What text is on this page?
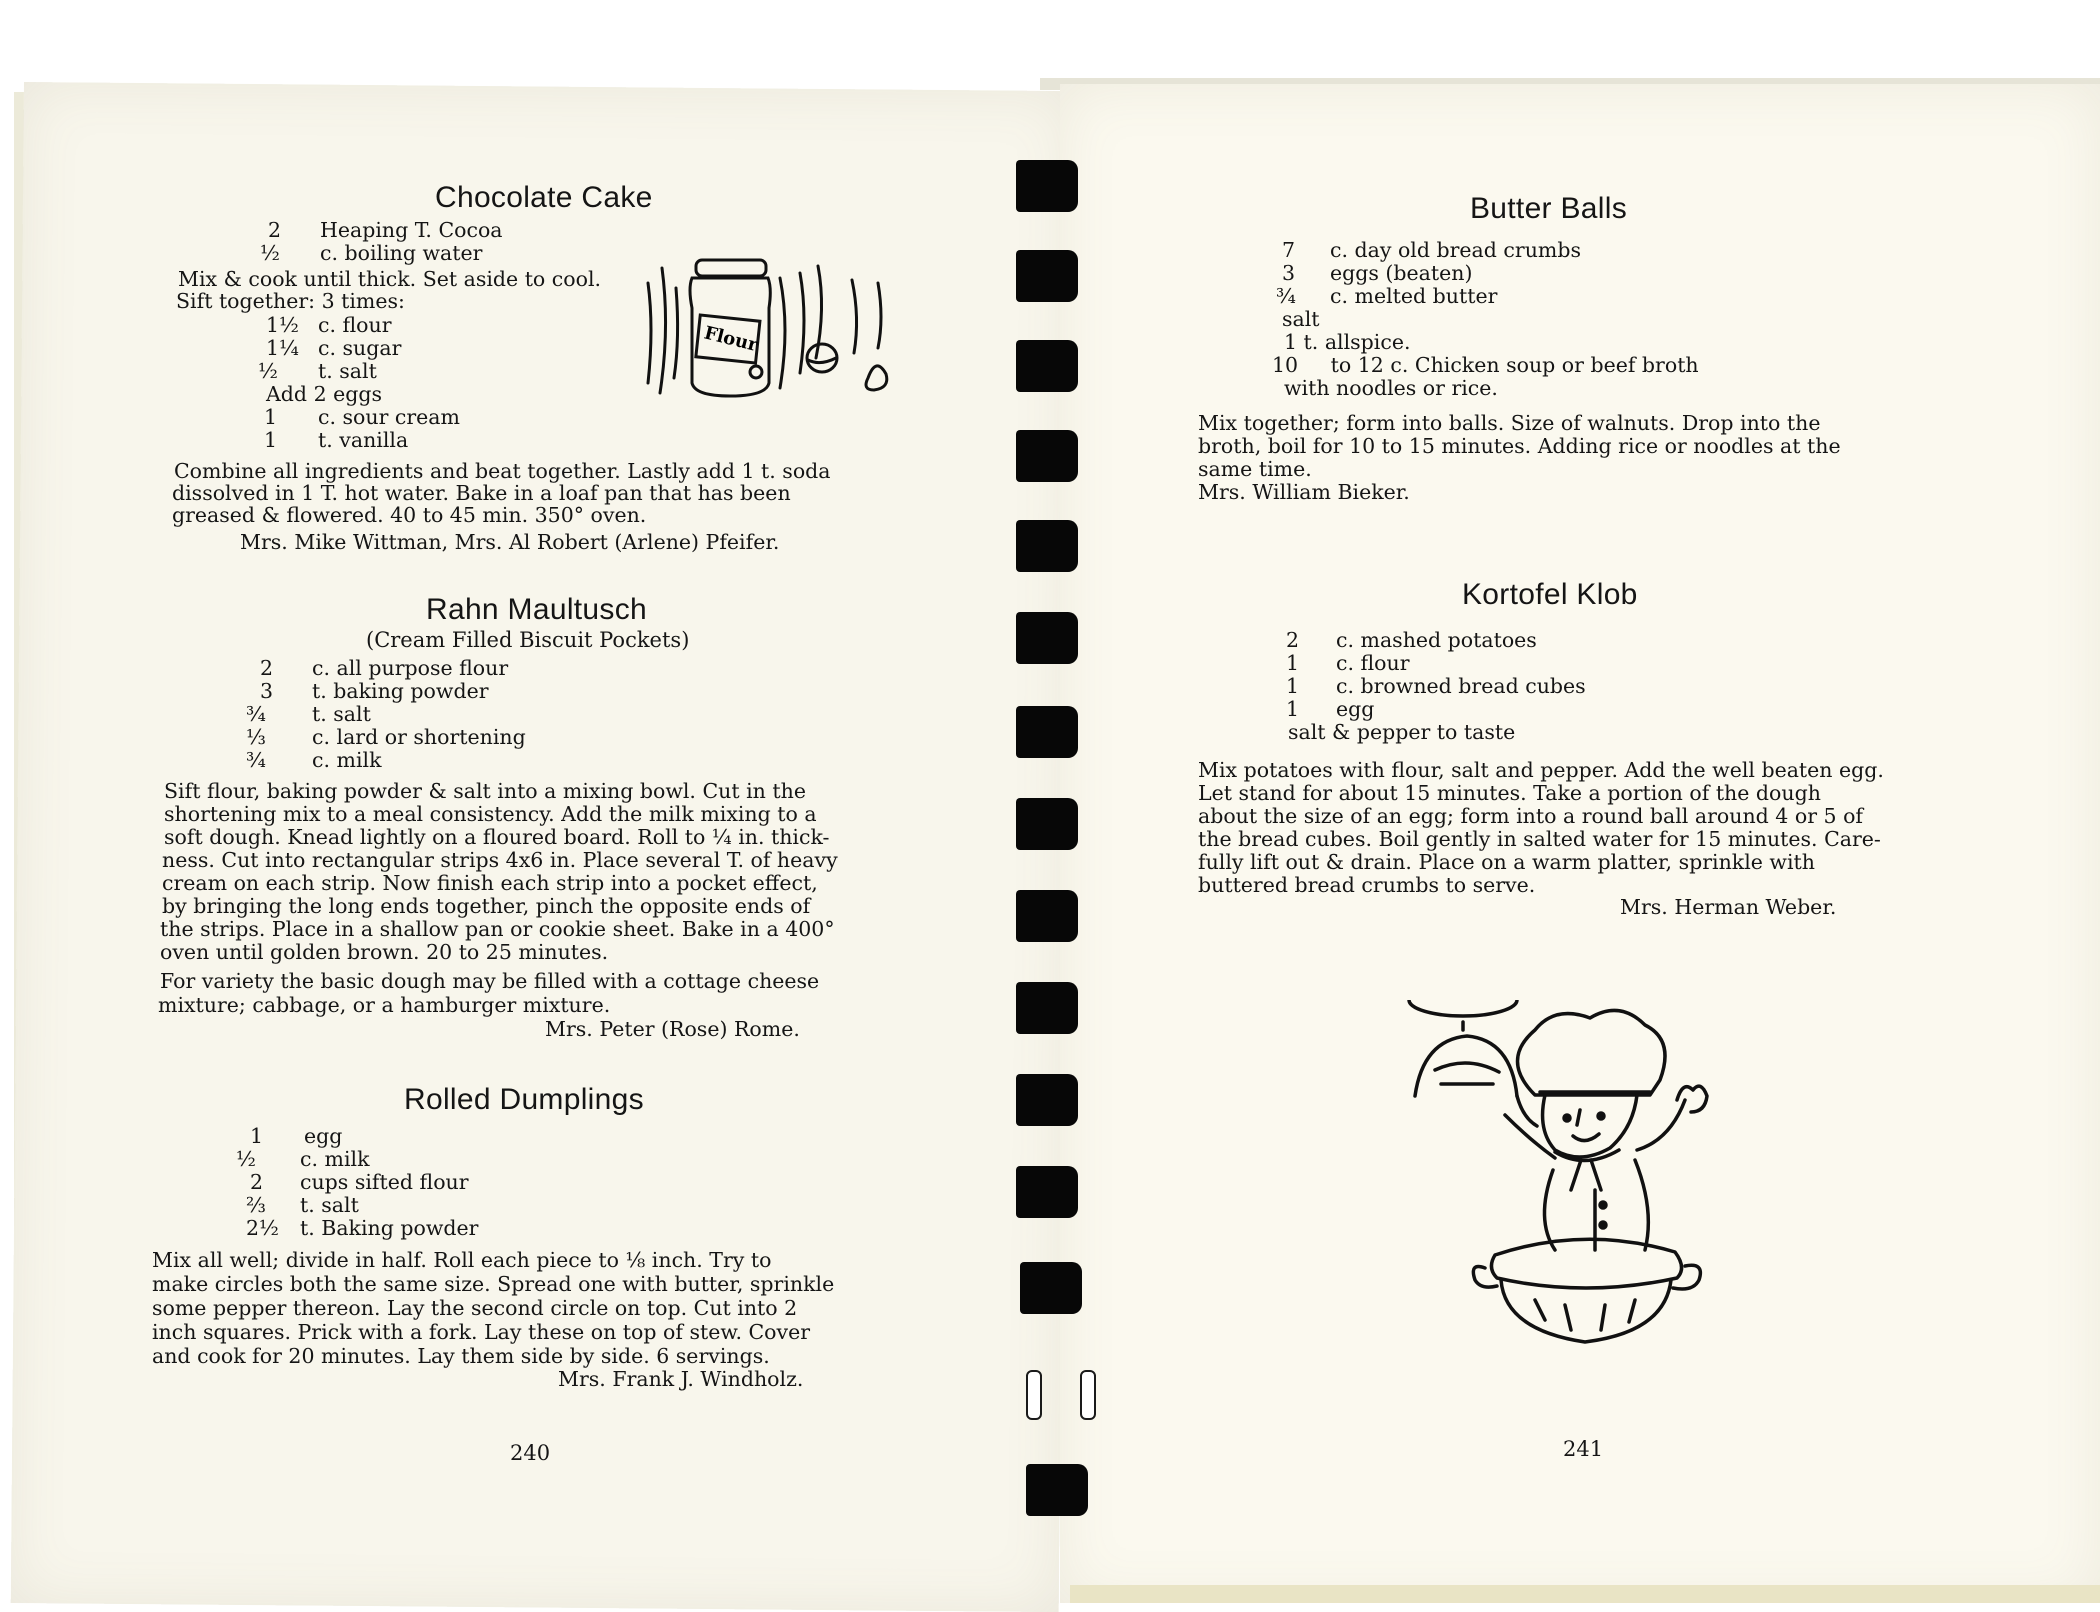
Chocolate Cake
2 Heaping T. Cocoa
½ c. boiling water
Mix & cook until thick. Set aside to cool.
Sift together: 3 times:
1½ c. flour
1¼ c. sugar
½ t. salt
Add 2 eggs
1 c. sour cream
1 t. vanilla
Flour
Combine all ingredients and beat together. Lastly add 1 t. soda
dissolved in 1 T. hot water. Bake in a loaf pan that has been
greased & flowered. 40 to 45 min. 350° oven.
Mrs. Mike Wittman, Mrs. Al Robert (Arlene) Pfeifer.
Rahn Maultusch
(Cream Filled Biscuit Pockets)
2 c. all purpose flour
3 t. baking powder
¾ t. salt
⅓ c. lard or shortening
¾ c. milk
Sift flour, baking powder & salt into a mixing bowl. Cut in the
shortening mix to a meal consistency. Add the milk mixing to a
soft dough. Knead lightly on a floured board. Roll to ¼ in. thick-
ness. Cut into rectangular strips 4x6 in. Place several T. of heavy
cream on each strip. Now finish each strip into a pocket effect,
by bringing the long ends together, pinch the opposite ends of
the strips. Place in a shallow pan or cookie sheet. Bake in a 400°
oven until golden brown. 20 to 25 minutes.
For variety the basic dough may be filled with a cottage cheese
mixture; cabbage, or a hamburger mixture.
Mrs. Peter (Rose) Rome.
Rolled Dumplings
1 egg
½ c. milk
2 cups sifted flour
⅔ t. salt
2½ t. Baking powder
Mix all well; divide in half. Roll each piece to ⅛ inch. Try to
make circles both the same size. Spread one with butter, sprinkle
some pepper thereon. Lay the second circle on top. Cut into 2
inch squares. Prick with a fork. Lay these on top of stew. Cover
and cook for 20 minutes. Lay them side by side. 6 servings.
Mrs. Frank J. Windholz.
240
Butter Balls
7 c. day old bread crumbs
3 eggs (beaten)
¾ c. melted butter
salt
1 t. allspice.
10     to 12 c. Chicken soup or beef broth
with noodles or rice.
Mix together; form into balls. Size of walnuts. Drop into the
broth, boil for 10 to 15 minutes. Adding rice or noodles at the
same time.
Mrs. William Bieker.
Kortofel Klob
2 c. mashed potatoes
1 c. flour
1 c. browned bread cubes
1 egg
salt & pepper to taste
Mix potatoes with flour, salt and pepper. Add the well beaten egg.
Let stand for about 15 minutes. Take a portion of the dough
about the size of an egg; form into a round ball around 4 or 5 of
the bread cubes. Boil gently in salted water for 15 minutes. Care-
fully lift out & drain. Place on a warm platter, sprinkle with
buttered bread crumbs to serve.
Mrs. Herman Weber.
241
